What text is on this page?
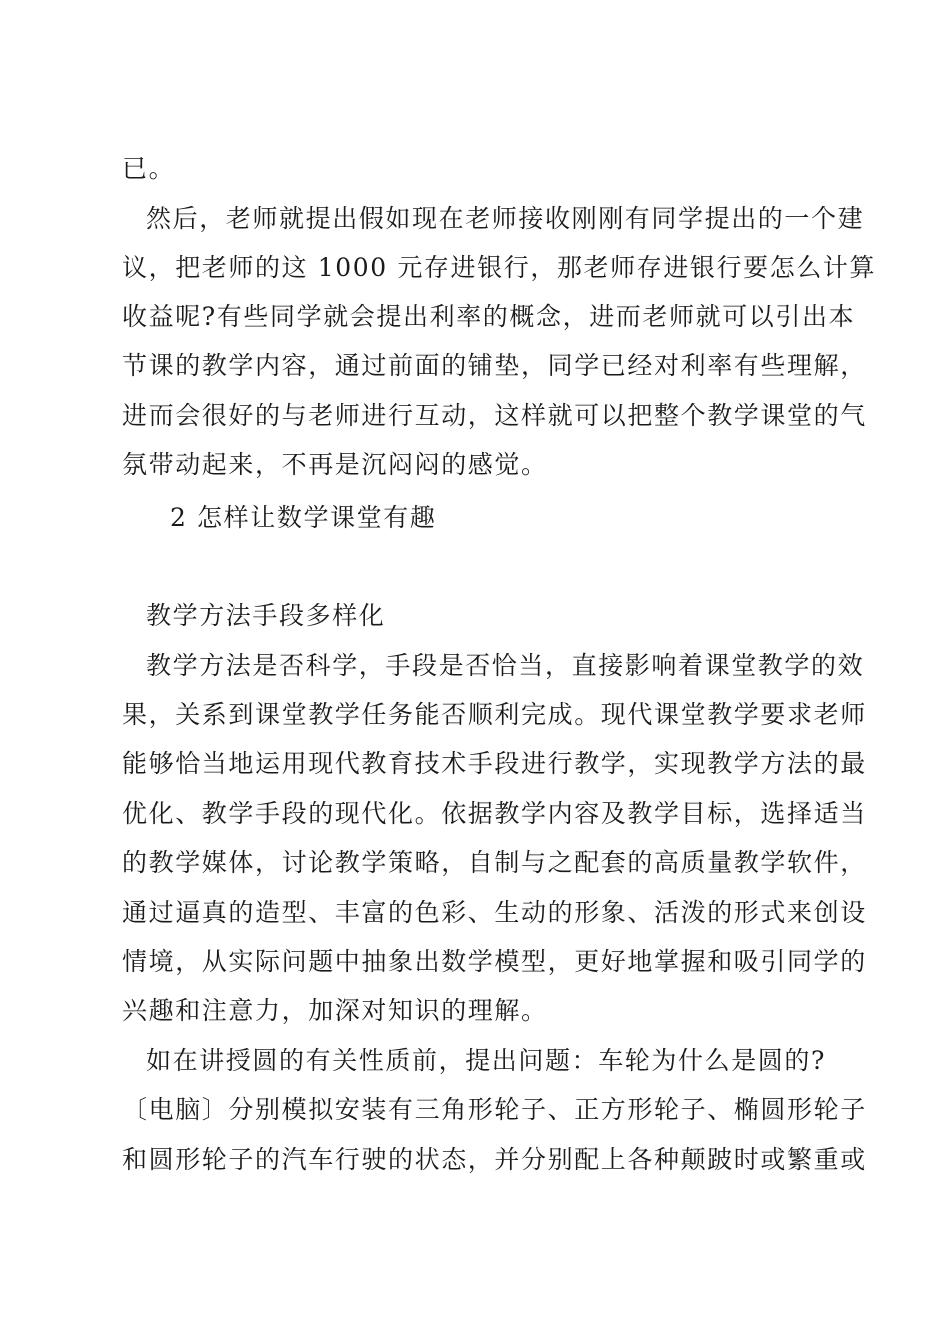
已。
然后，老师就提出假如现在老师接收刚刚有同学提出的一个建
议，把老师的这 1000 元存进银行，那老师存进银行要怎么计算
收益呢?有些同学就会提出利率的概念，进而老师就可以引出本
节课的教学内容，通过前面的铺垫，同学已经对利率有些理解，
进而会很好的与老师进行互动，这样就可以把整个教学课堂的气
氛带动起来，不再是沉闷闷的感觉。
2 怎样让数学课堂有趣
教学方法手段多样化
教学方法是否科学，手段是否恰当，直接影响着课堂教学的效
果，关系到课堂教学任务能否顺利完成。现代课堂教学要求老师
能够恰当地运用现代教育技术手段进行教学，实现教学方法的最
优化、教学手段的现代化。依据教学内容及教学目标，选择适当
的教学媒体，讨论教学策略，自制与之配套的高质量教学软件，
通过逼真的造型、丰富的色彩、生动的形象、活泼的形式来创设
情境，从实际问题中抽象出数学模型，更好地掌握和吸引同学的
兴趣和注意力，加深对知识的理解。
如在讲授圆的有关性质前，提出问题：车轮为什么是圆的?
〔电脑〕分别模拟安装有三角形轮子、正方形轮子、椭圆形轮子
和圆形轮子的汽车行驶的状态，并分别配上各种颠跛时或繁重或
